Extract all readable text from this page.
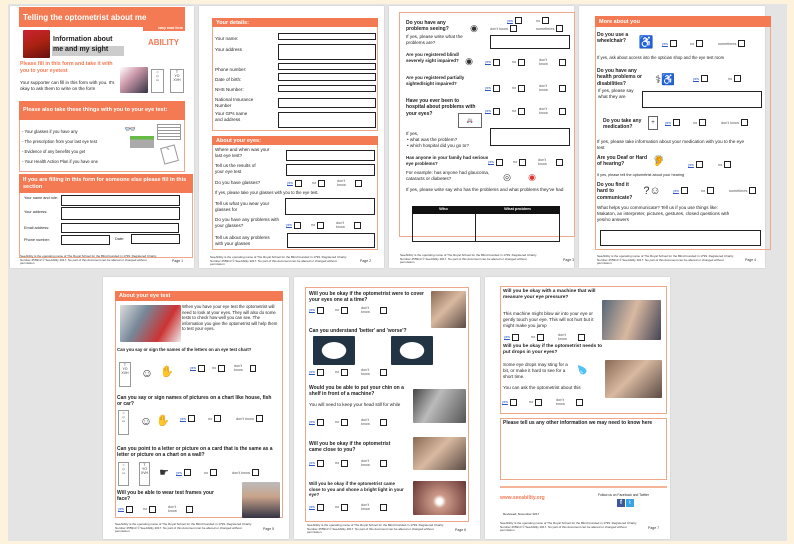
Telling the optometrist about me
easy read form
Information about
me and my sight
ABILITY
Please fill in this form and take it with you to your eyetest
Your supporter can fill in this form with you. It's okay to ask them to write on the form
○
◇
▭
T
YO
XVH
Please also take these things with you to your eye test:
- Your glasses if you have any
- The prescription from your last eye test
- Evidence of any benefits you get
- Your Health Action Plan if you have one
👓
✎
If you are filling in this form for someone else please fill in this section
Your name and role:
Your address:
Email address:
Phone number:	Date:
SeeAbility is the operating name of The Royal School for the Blind founded in 1799. Registered Charity Number 255913 © SeeAbility 2017. No part of this document can be altered or changed without permission
Page 1
Your details:
Your name:
Your address
Phone number:
Date of birth:
NHS Number:
National Insurance Number
Your GPs name and address
About your eyes:
Where and when was your last eye test?
Tell us the results of your eye test
Do you have glasses?	yes	no	don't know
If yes, please take your glasses with you to the eye test.
Tell us what you wear your glasses for
Do you have any problems with your glasses?	yes	no	don't know
Tell us about any problems with your glasses
SeeAbility is the operating name of The Royal School for the Blind founded in 1799. Registered Charity Number 255913 © SeeAbility 2017. No part of this document can be altered or changed without permission
Page 2
Do you have any problems seeing?	◉
yes	no
don't know	sometimes
If yes, please write what the problems are?
Are you registered blind/ severely sight impaired? ◉	yes	no	don't know
Are you registered partially sighted/sight impaired?
yes	no	don't know
Have you ever been to hospital about problems with your eyes?	yes	no	don't know
🚑
If yes,
• what was the problem?
• which hospital did you go to?
Has anyone in your family had serious eye problems?	yes	no	don't know
For example: has anyone had glaucoma, cataracts or diabetes?	◎	◉
If yes, please write say who has the problems and what problems they've had
Who	What problem
SeeAbility is the operating name of The Royal School for the Blind founded in 1799. Registered Charity Number 255913 © SeeAbility 2017. No part of this document can be altered or changed without permission
Page 3
More about you
Do you use a wheelchair?	♿	yes	no	sometimes
If yes, ask about access into the optician shop and the eye test room
Do you have any health problems or disabilities?	⚕♿	yes	no
If yes, please say what they are
Do you take any medication?
+	yes	no	don't know
If yes, please take information about your medication with you to the eye test
Are you Deaf or Hard of hearing?	🦻	yes	no
If yes, please tell the optometrist about your hearing
Do you find it hard to communicate?
?☺	yes	no	sometimes
What helps you communicate? Tell us if you use things like: Makaton, an interpreter, pictures, gestures, closed questions with yes/no answers
SeeAbility is the operating name of The Royal School for the Blind founded in 1799. Registered Charity Number 255913 © SeeAbility 2017. No part of this document can be altered or changed without permission
Page 4
About your eye test
When you have your eye test the optometrist will need to look at your eyes. They will also do some tests to check how well you can see. The information you give the optometrist will help them to test your eyes.
Can you say or sign the names of the letters on an eye test chart?
T
YO
XVH ☺ ✋	yes	no	don't know
Can you say or sign names of pictures on a chart like house, fish or car?
○
◇
▭	☺ ✋	yes	no	don't know
Can you point to a letter or picture on a card that is the same as a letter or picture on a chart on a wall?
○
◇
▭
T
YO
XVH ☛	yes	no	don't know
Will you be able to wear test frames your face?
yes	no	don't know
SeeAbility is the operating name of The Royal School for the Blind founded in 1799. Registered Charity Number 255913 © SeeAbility 2017. No part of this document can be altered or changed without permission
Page 5
Will you be okay if the optometrist were to cover your eyes one at a time?
yes	no	don't know
Can you understand 'better' and 'worse'?
yes	no	don't know
Would you be able to put your chin on a shelf in front of a machine?
You will need to keep your head still for while
yes	no	don't know
Will you be okay if the optometrist came close to you?
yes	no	don't know
Will you be okay if the optometrist came close to you and shone a bright light in your eye?
yes	no	don't know
SeeAbility is the operating name of The Royal School for the Blind founded in 1799. Registered Charity Number 255913 © SeeAbility 2017. No part of this document can be altered or changed without permission
Page 6
Will you be okay with a machine that will measure your eye pressure?
This machine might blow air into your eye or gently touch your eye. This will not hurt but it might make you jump
yes	no	don't know
Will you be okay if the optometrist needs to put drops in your eyes?
Some eye drops may sting for a bit, or make it hard to see for a short time.	💧
You can ask the optometrist about this
yes	no	don't know
Please tell us any other information we may need to know here
www.seeability.org	Follow us on Facebook and Twitter
f	t
Reviewed: November 2017
SeeAbility is the operating name of The Royal School for the Blind founded in 1799. Registered Charity Number 255913 © SeeAbility 2017. No part of this document can be altered or changed without permission
Page 7
